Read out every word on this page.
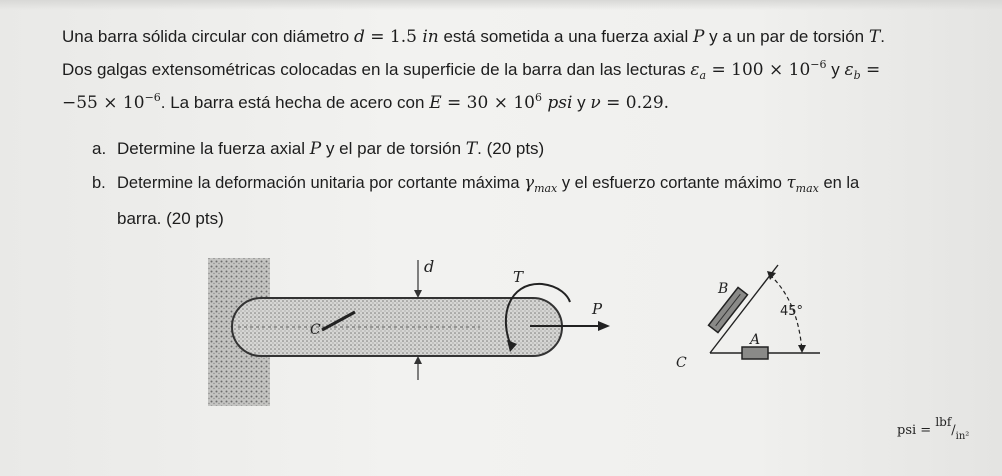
Una barra sólida circular con diámetro d = 1.5 in está sometida a una fuerza axial P y a un par de torsión T.
Dos galgas extensométricas colocadas en la superficie de la barra dan las lecturas $\varepsilon_a = 100 \times 10^{-6}$ y $\varepsilon_b$ =
$-55 \times 10^{-6}$. La barra está hecha de acero con $E = 30 \times 10^6$ psi y ν = 0.29.
a. Determine la fuerza axial P y el par de torsión T. (20 pts)
b. Determine la deformación unitaria por cortante máxima $\gamma_{max}$ y el esfuerzo cortante máximo $\tau_{max}$ en la
barra. (20 pts)
C
d
T
P
B
A
C
45°
psi = $^{lbf}/_{in^2}$
